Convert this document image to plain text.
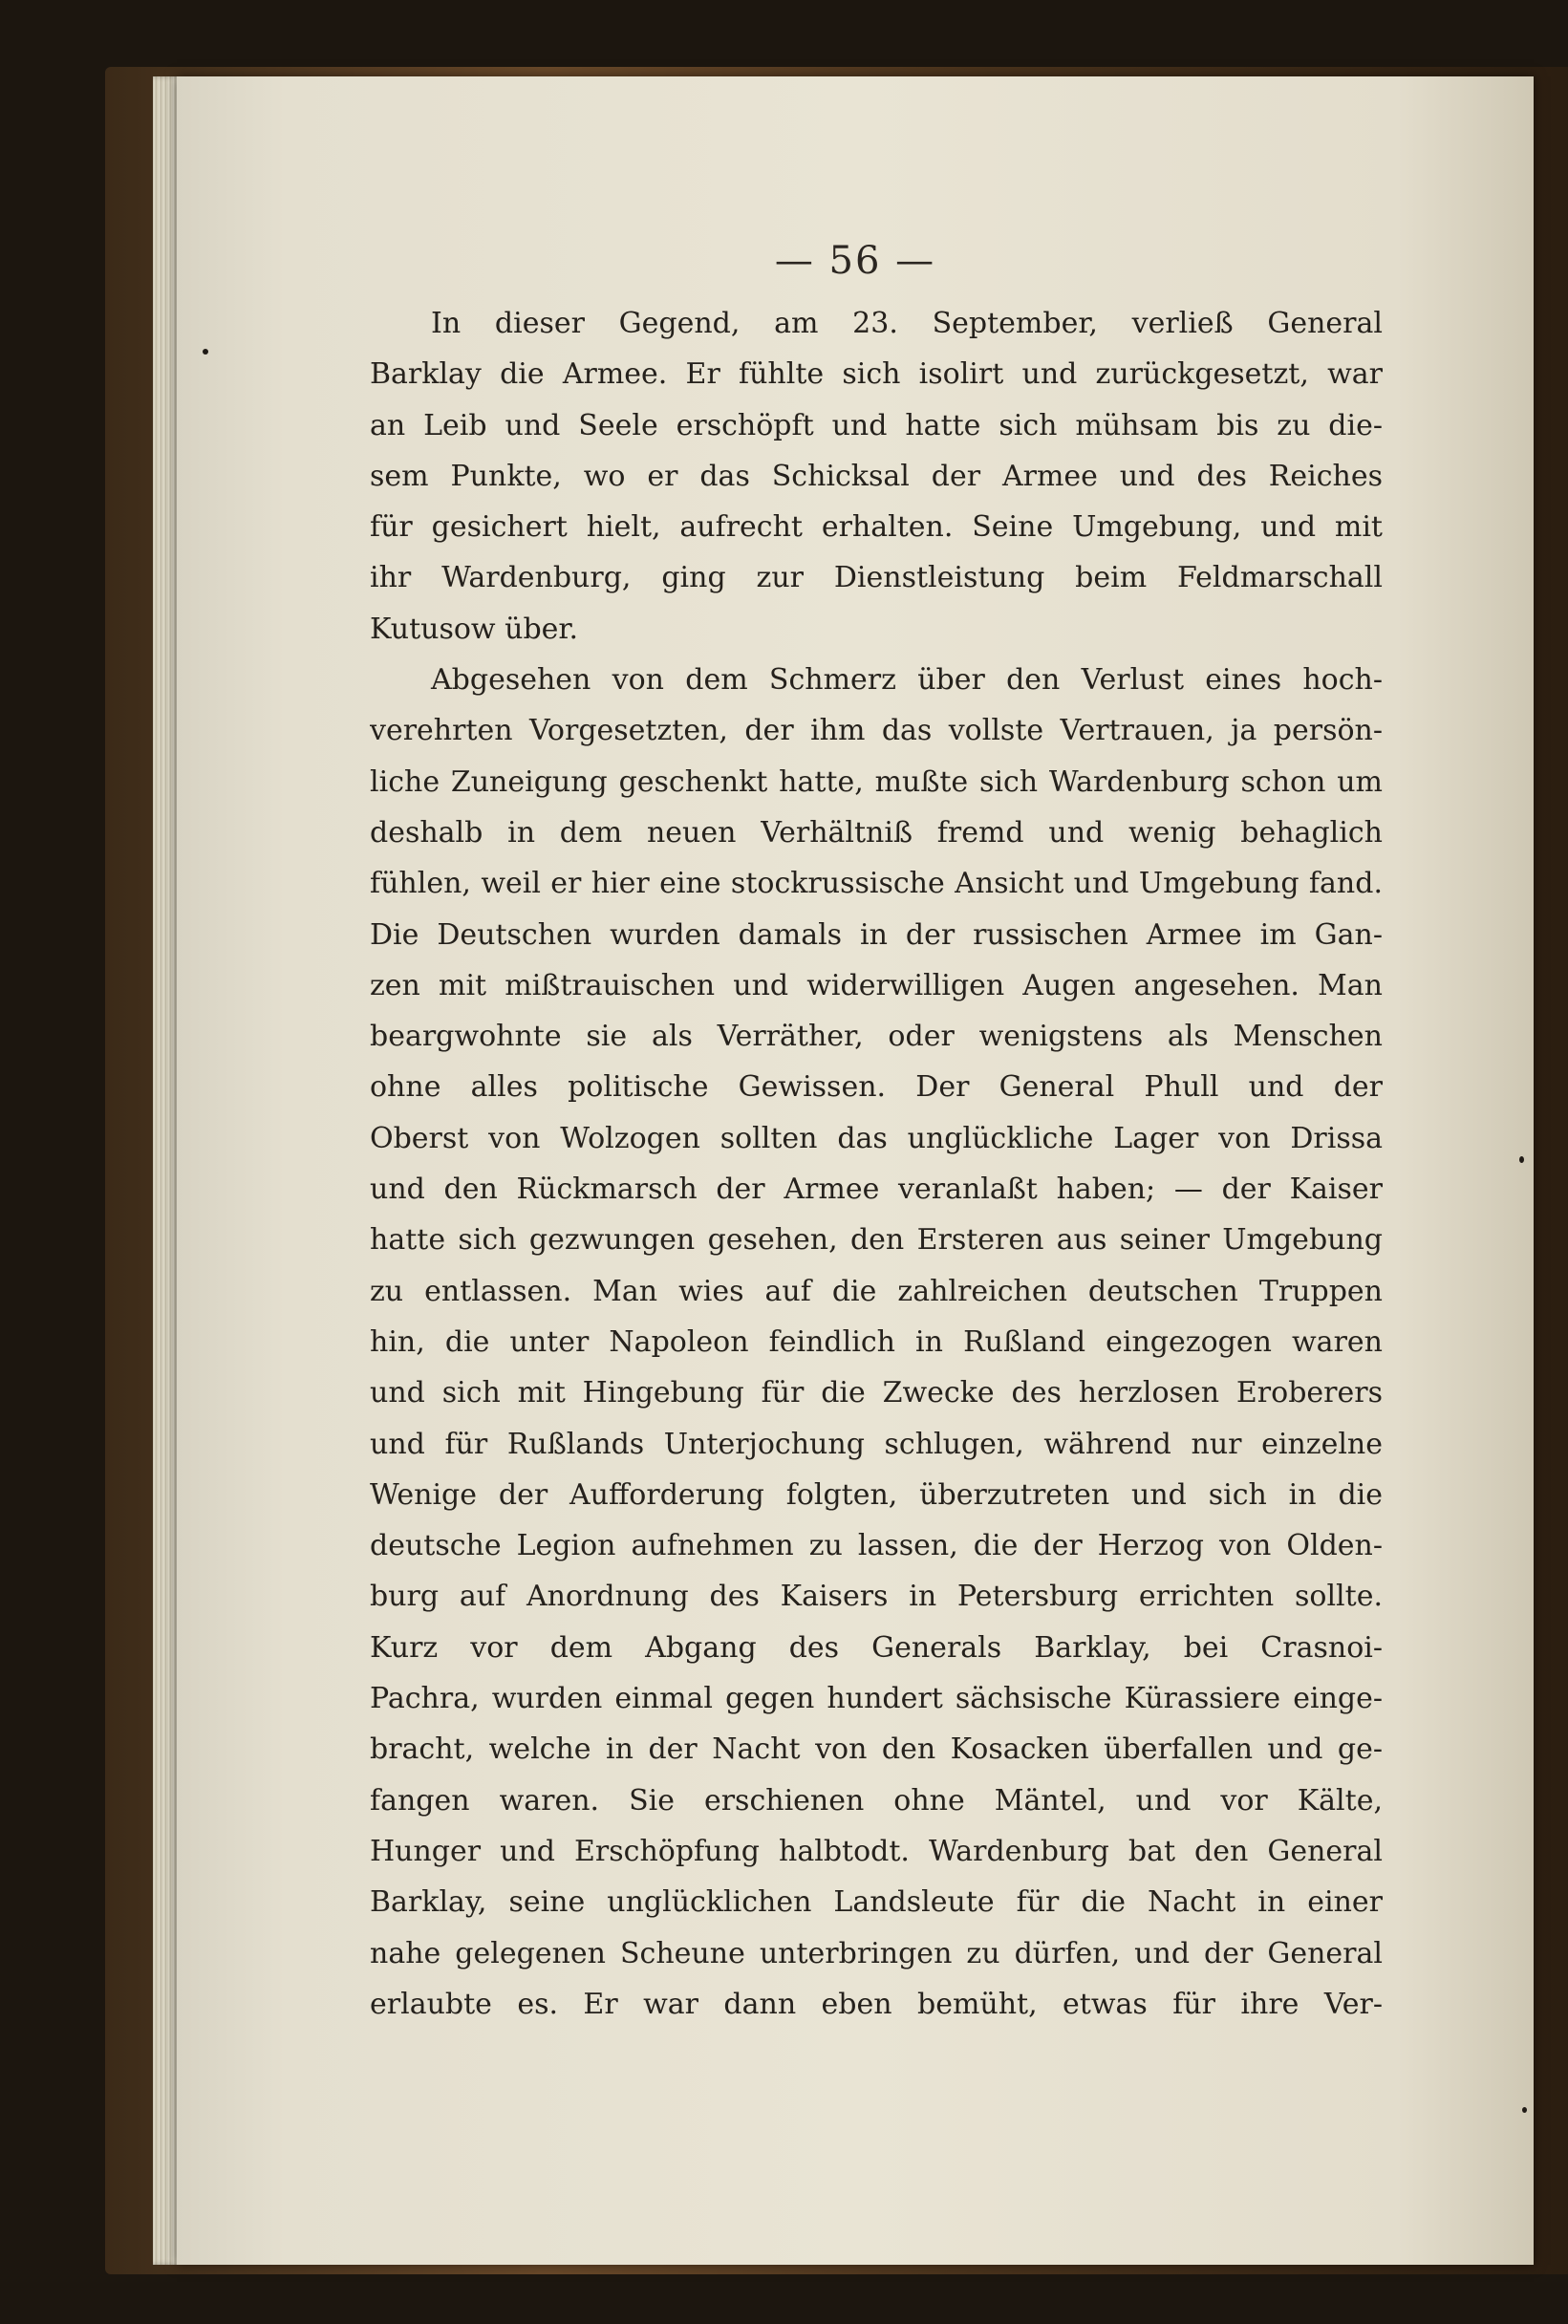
— 56 —
In dieser Gegend, am 23. September, verließ General
Barklay die Armee. Er fühlte sich isolirt und zurückgesetzt, war
an Leib und Seele erschöpft und hatte sich mühsam bis zu die-
sem Punkte, wo er das Schicksal der Armee und des Reiches
für gesichert hielt, aufrecht erhalten. Seine Umgebung, und mit
ihr Wardenburg, ging zur Dienstleistung beim Feldmarschall
Kutusow über.
Abgesehen von dem Schmerz über den Verlust eines hoch-
verehrten Vorgesetzten, der ihm das vollste Vertrauen, ja persön-
liche Zuneigung geschenkt hatte, mußte sich Wardenburg schon um
deshalb in dem neuen Verhältniß fremd und wenig behaglich
fühlen, weil er hier eine stockrussische Ansicht und Umgebung fand.
Die Deutschen wurden damals in der russischen Armee im Gan-
zen mit mißtrauischen und widerwilligen Augen angesehen. Man
beargwohnte sie als Verräther, oder wenigstens als Menschen
ohne alles politische Gewissen. Der General Phull und der
Oberst von Wolzogen sollten das unglückliche Lager von Drissa
und den Rückmarsch der Armee veranlaßt haben; — der Kaiser
hatte sich gezwungen gesehen, den Ersteren aus seiner Umgebung
zu entlassen. Man wies auf die zahlreichen deutschen Truppen
hin, die unter Napoleon feindlich in Rußland eingezogen waren
und sich mit Hingebung für die Zwecke des herzlosen Eroberers
und für Rußlands Unterjochung schlugen, während nur einzelne
Wenige der Aufforderung folgten, überzutreten und sich in die
deutsche Legion aufnehmen zu lassen, die der Herzog von Olden-
burg auf Anordnung des Kaisers in Petersburg errichten sollte.
Kurz vor dem Abgang des Generals Barklay, bei Crasnoi-
Pachra, wurden einmal gegen hundert sächsische Kürassiere einge-
bracht, welche in der Nacht von den Kosacken überfallen und ge-
fangen waren. Sie erschienen ohne Mäntel, und vor Kälte,
Hunger und Erschöpfung halbtodt. Wardenburg bat den General
Barklay, seine unglücklichen Landsleute für die Nacht in einer
nahe gelegenen Scheune unterbringen zu dürfen, und der General
erlaubte es. Er war dann eben bemüht, etwas für ihre Ver-
